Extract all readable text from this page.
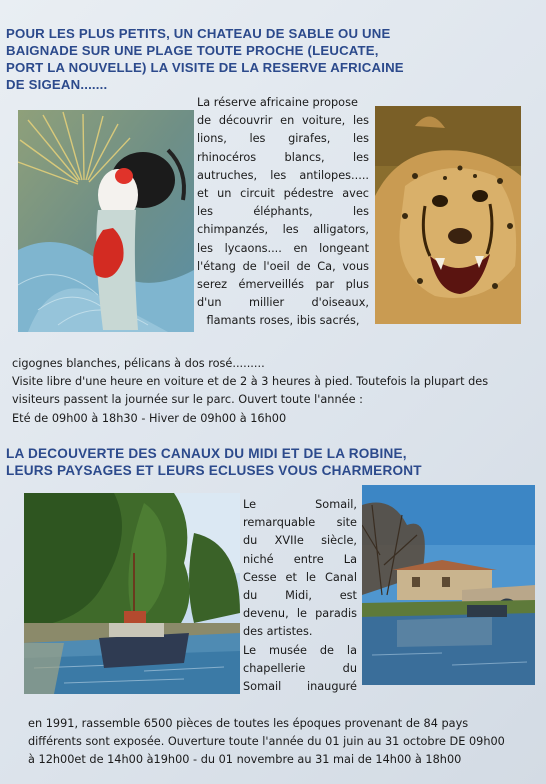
POUR LES PLUS PETITS, UN CHATEAU DE SABLE OU UNE
BAIGNADE SUR UNE PLAGE TOUTE PROCHE (LEUCATE,
PORT LA NOUVELLE) LA VISITE DE LA RESERVE AFRICAINE
DE SIGEAN.......
La réserve africaine propose
de découvrir en voiture, les
lions, les girafes, les
rhinocéros blancs, les
autruches, les antilopes.....
et un circuit pédestre avec
les éléphants, les
chimpanzés, les alligators,
les lycaons.... en longeant
l'étang de l'oeil de Ca, vous
serez émerveillés par plus
d'un millier d'oiseaux,
flamants roses, ibis sacrés,
cigognes blanches, pélicans à dos rosé.........
Visite libre d'une heure en voiture et de 2 à 3 heures à pied. Toutefois la plupart des
visiteurs passent la journée sur le parc. Ouvert toute l'année :
Eté de 09h00 à 18h30 - Hiver de 09h00 à 16h00
LA DECOUVERTE DES CANAUX DU MIDI ET DE LA ROBINE,
LEURS PAYSAGES ET LEURS ECLUSES VOUS CHARMERONT
Le Somail,
remarquable site
du XVIIe siècle,
niché entre La
Cesse et le Canal
du Midi, est
devenu, le paradis
des artistes.
Le musée de la
chapellerie du
Somail inauguré
en 1991, rassemble 6500 pièces de toutes les époques provenant de 84 pays
différents sont exposée. Ouverture toute l'année du 01 juin au 31 octobre DE 09h00
à 12h00et de 14h00 à19h00 - du 01 novembre au 31 mai de 14h00 à 18h00
